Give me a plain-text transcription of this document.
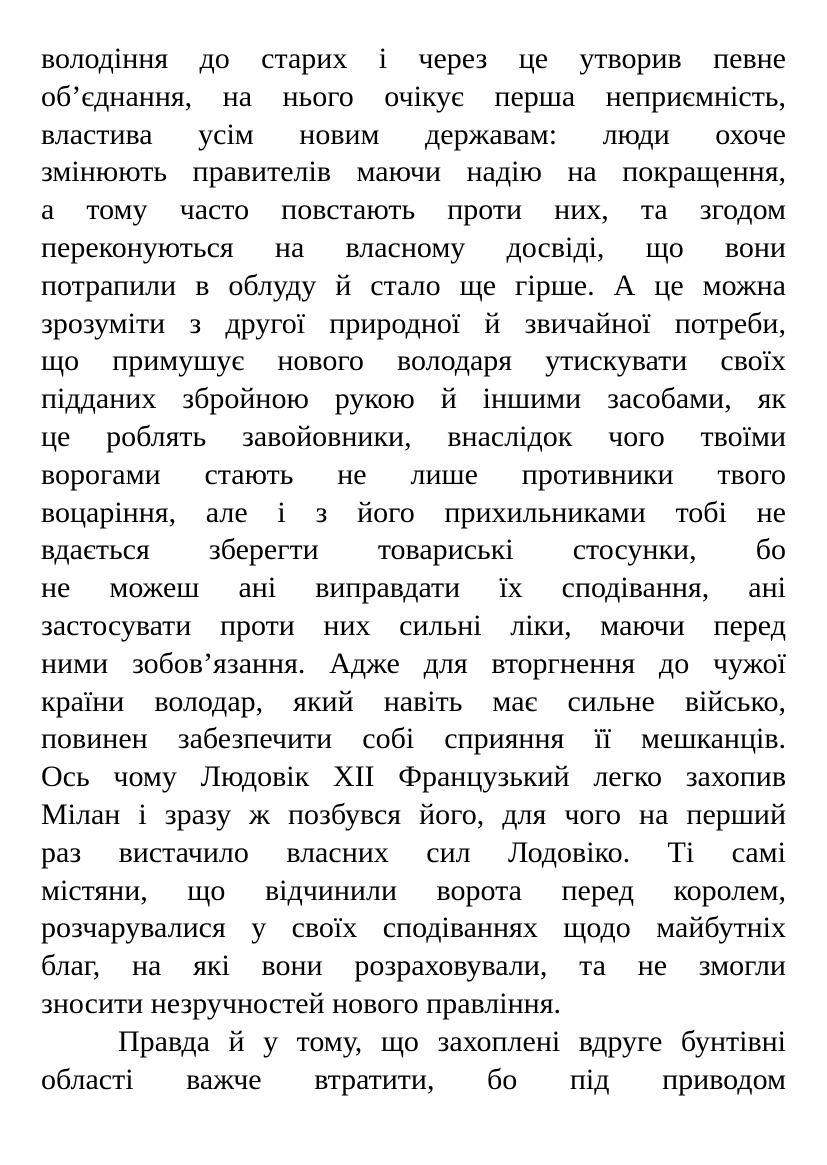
володіння до старих і через це утворив певне
об’єднання, на нього очікує перша неприємність,
властива усім новим державам: люди охоче
змінюють правителів маючи надію на покращення,
а тому часто повстають проти них, та згодом
переконуються на власному досвіді, що вони
потрапили в облуду й стало ще гірше. А це можна
зрозуміти з другої природної й звичайної потреби,
що примушує нового володаря утискувати своїх
підданих збройною рукою й іншими засобами, як
це роблять завойовники, внаслідок чого твоїми
ворогами стають не лише противники твого
воцаріння, але і з його прихильниками тобі не
вдається зберегти товариські стосунки, бо
не можеш ані виправдати їх сподівання, ані
застосувати проти них сильні ліки, маючи перед
ними зобов’язання. Адже для вторгнення до чужої
країни володар, який навіть має сильне військо,
повинен забезпечити собі сприяння її мешканців.
Ось чому Людовік XII Французький легко захопив
Мілан і зразу ж позбувся його, для чого на перший
раз вистачило власних сил Лодовіко. Ті самі
містяни, що відчинили ворота перед королем,
розчарувалися у своїх сподіваннях щодо майбутніх
благ, на які вони розраховували, та не змогли
зносити незручностей нового правління.
Правда й у тому, що захоплені вдруге бунтівні
області важче втратити, бо під приводом
